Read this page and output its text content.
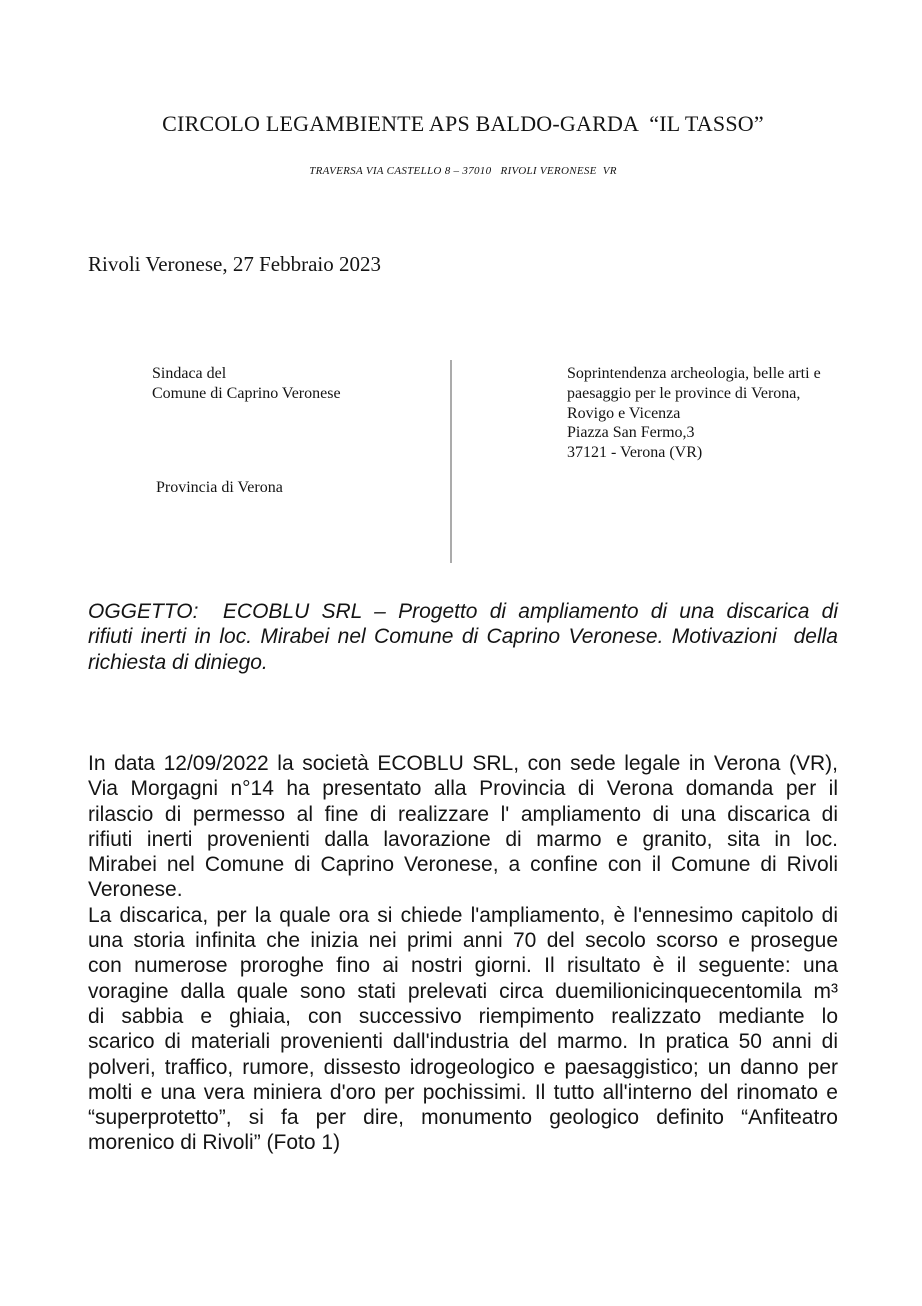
CIRCOLO LEGAMBIENTE APS BALDO-GARDA  “IL TASSO”
TRAVERSA VIA CASTELLO 8 – 37010   RIVOLI VERONESE  VR
Rivoli Veronese, 27 Febbraio 2023
Sindaca del
Comune di Caprino Veronese
Soprintendenza archeologia, belle arti e
paesaggio per le province di Verona,
Rovigo e Vicenza
Piazza San Fermo,3
37121 - Verona (VR)
Provincia di Verona
OGGETTO:  ECOBLU SRL – Progetto di ampliamento di una discarica di
rifiuti inerti in loc. Mirabei nel Comune di Caprino Veronese. Motivazioni  della
richiesta di diniego.
In data 12/09/2022 la società ECOBLU SRL, con sede legale in Verona (VR),
Via Morgagni n°14 ha presentato alla Provincia di Verona domanda per il
rilascio di permesso al fine di realizzare l' ampliamento di una discarica di
rifiuti inerti provenienti dalla lavorazione di marmo e granito, sita in loc.
Mirabei nel Comune di Caprino Veronese, a confine con il Comune di Rivoli
Veronese.
La discarica, per la quale ora si chiede l'ampliamento, è l'ennesimo capitolo di
una storia infinita che inizia nei primi anni 70 del secolo scorso e prosegue
con numerose proroghe fino ai nostri giorni. Il risultato è il seguente: una
voragine dalla quale sono stati prelevati circa duemilionicinquecentomila m³
di sabbia e ghiaia, con successivo riempimento realizzato mediante lo
scarico di materiali provenienti dall'industria del marmo. In pratica 50 anni di
polveri, traffico, rumore, dissesto idrogeologico e paesaggistico; un danno per
molti e una vera miniera d'oro per pochissimi. Il tutto all'interno del rinomato e
“superprotetto”, si fa per dire, monumento geologico definito “Anfiteatro
morenico di Rivoli” (Foto 1)
